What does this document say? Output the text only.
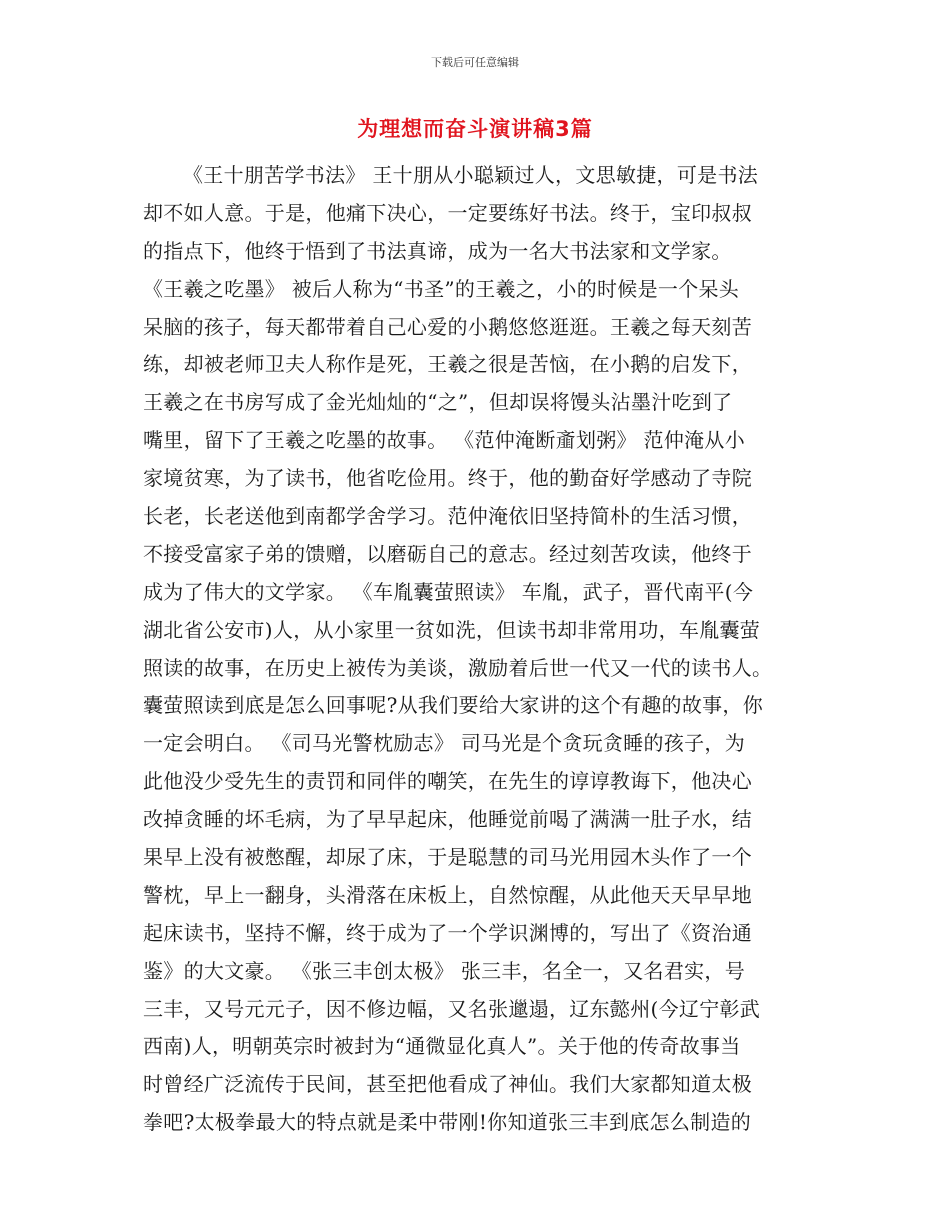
下载后可任意编辑
为理想而奋斗演讲稿3篇
《王十朋苦学书法》 王十朋从小聪颖过人，文思敏捷，可是书法
却不如人意。于是，他痛下决心，一定要练好书法。终于，宝印叔叔
的指点下，他终于悟到了书法真谛，成为一名大书法家和文学家。
《王羲之吃墨》 被后人称为“书圣”的王羲之，小的时候是一个呆头
呆脑的孩子，每天都带着自己心爱的小鹅悠悠逛逛。王羲之每天刻苦
练，却被老师卫夫人称作是死，王羲之很是苦恼，在小鹅的启发下，
王羲之在书房写成了金光灿灿的“之”，但却误将馒头沾墨汁吃到了
嘴里，留下了王羲之吃墨的故事。 《范仲淹断齑划粥》 范仲淹从小
家境贫寒，为了读书，他省吃俭用。终于，他的勤奋好学感动了寺院
长老，长老送他到南都学舍学习。范仲淹依旧坚持简朴的生活习惯，
不接受富家子弟的馈赠，以磨砺自己的意志。经过刻苦攻读，他终于
成为了伟大的文学家。 《车胤囊萤照读》 车胤，武子，晋代南平(今
湖北省公安市)人，从小家里一贫如洗，但读书却非常用功，车胤囊萤
照读的故事，在历史上被传为美谈，激励着后世一代又一代的读书人。
囊萤照读到底是怎么回事呢?从我们要给大家讲的这个有趣的故事，你
一定会明白。 《司马光警枕励志》 司马光是个贪玩贪睡的孩子，为
此他没少受先生的责罚和同伴的嘲笑，在先生的谆谆教诲下，他决心
改掉贪睡的坏毛病，为了早早起床，他睡觉前喝了满满一肚子水，结
果早上没有被憋醒，却尿了床，于是聪慧的司马光用园木头作了一个
警枕，早上一翻身，头滑落在床板上，自然惊醒，从此他天天早早地
起床读书，坚持不懈，终于成为了一个学识渊博的，写出了《资治通
鉴》的大文豪。 《张三丰创太极》 张三丰，名全一，又名君实，号
三丰，又号元元子，因不修边幅，又名张邋遢，辽东懿州(今辽宁彰武
西南)人，明朝英宗时被封为“通微显化真人”。关于他的传奇故事当
时曾经广泛流传于民间，甚至把他看成了神仙。我们大家都知道太极
拳吧?太极拳最大的特点就是柔中带刚!你知道张三丰到底怎么制造的
